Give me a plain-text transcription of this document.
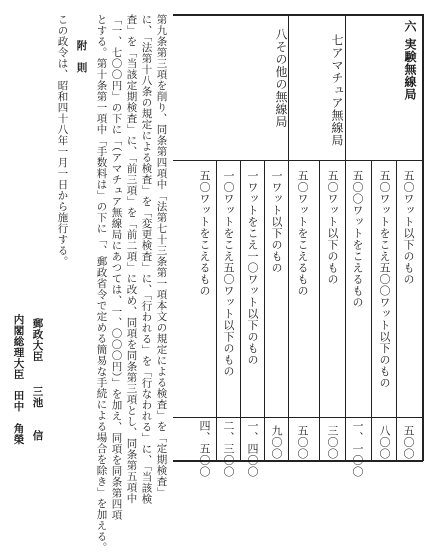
六
実験無線局
七アマチュア無線局
八その他の無線局
五〇ワット以下のもの
五〇ワットをこえ五〇〇ワット以下のもの
五〇〇ワットをこえるもの
五〇ワット以下のもの
五〇ワットをこえるもの
一ワット以下のもの
一ワットをこえ一〇ワット以下のもの
一〇ワットをこえ五〇ワット以下のもの
五〇ワットをこえるもの
五〇〇
八〇〇
一、一〇〇
三〇〇
五〇〇
九〇〇
一、四〇〇
二、三〇〇
四、五〇〇
第九条第三項を削り、同条第四項中「法第七十三条第一項本文の規定による検査」を「定期検査」
に、「法第十八条の規定による検査」を「変更検査」に、「行われる」を「行なわれる」に、「当該検
査」を「当該定期検査」に、「前三項」を「前二項」に改め、同項を同条第三項とし、同条第五項中
「一、七〇〇円」の下に「（アマチュア無線局にあつては、一、〇〇〇円）」を加え、同項を同条第四項
とする。
第十条第一項中「手数料は」の下に「、郵政省令で定める簡易な手続による場合を除き」を加える。
附　則
この政令は、昭和四十八年一月一日から施行する。
郵政大臣
三池　　信
内閣総理大臣
田中　角榮
